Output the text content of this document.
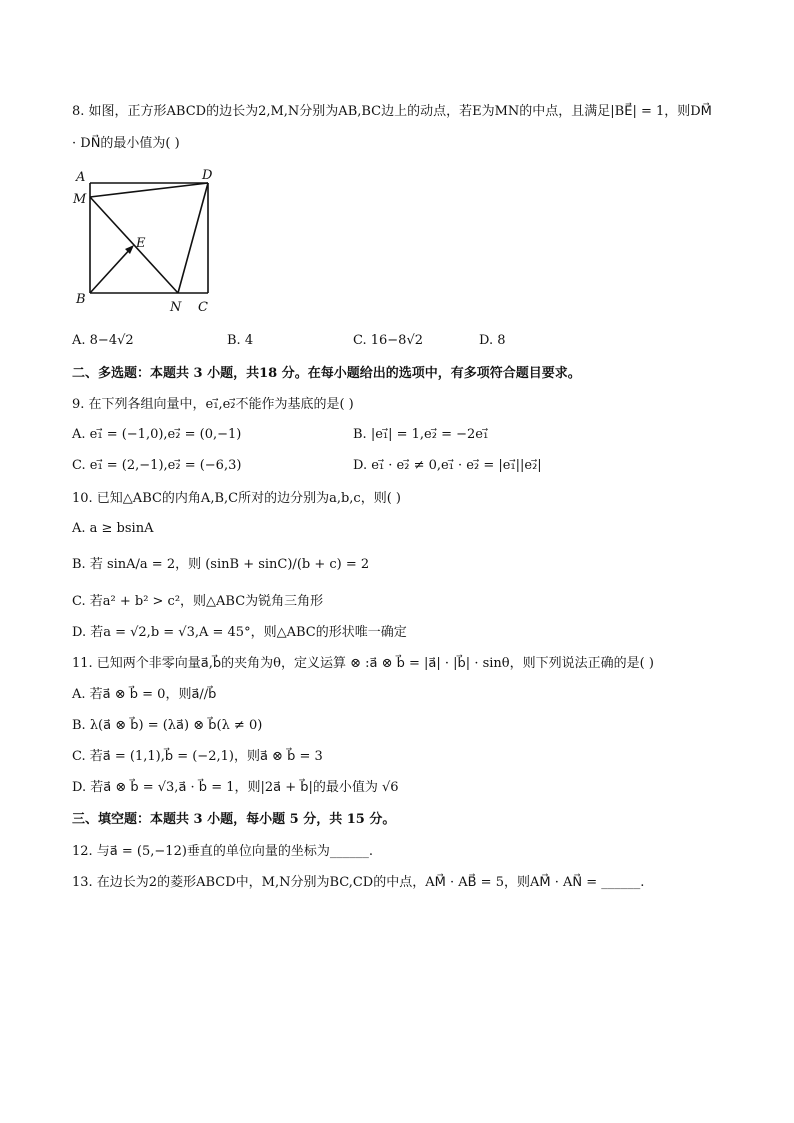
8. 如图，正方形ABCD的边长为2,M,N分别为AB,BC边上的动点，若E为MN的中点，且满足|BE⃗| = 1，则DM⃗
· DN⃗的最小值为( )
A
M
B
E
N C
D
A. 8−4√2	B. 4	C. 16−8√2	D. 8
二、多选题：本题共 3 小题，共18 分。在每小题给出的选项中，有多项符合题目要求。
9. 在下列各组向量中，e₁⃗,e₂⃗不能作为基底的是( )
A. e₁⃗ = (−1,0),e₂⃗ = (0,−1)	B. |e₁⃗| = 1,e₂⃗ = −2e₁⃗
C. e₁⃗ = (2,−1),e₂⃗ = (−6,3)	D. e₁⃗ · e₂⃗ ≠ 0,e₁⃗ · e₂⃗ = |e₁⃗||e₂⃗|
10. 已知△ABC的内角A,B,C所对的边分别为a,b,c，则( )
A. a ≥ bsinA
B. 若 sinA/a = 2，则 (sinB + sinC)/(b + c) = 2
C. 若a² + b² > c²，则△ABC为锐角三角形
D. 若a = √2,b = √3,A = 45°，则△ABC的形状唯一确定
11. 已知两个非零向量a⃗,b⃗的夹角为θ，定义运算 ⊗ :a⃗ ⊗ b⃗ = |a⃗| · |b⃗| · sinθ，则下列说法正确的是( )
A. 若a⃗ ⊗ b⃗ = 0，则a⃗//b⃗
B. λ(a⃗ ⊗ b⃗) = (λa⃗) ⊗ b⃗(λ ≠ 0)
C. 若a⃗ = (1,1),b⃗ = (−2,1)，则a⃗ ⊗ b⃗ = 3
D. 若a⃗ ⊗ b⃗ = √3,a⃗ · b⃗ = 1，则|2a⃗ + b⃗|的最小值为 √6
三、填空题：本题共 3 小题，每小题 5 分，共 15 分。
12. 与a⃗ = (5,−12)垂直的单位向量的坐标为______.
13. 在边长为2的菱形ABCD中，M,N分别为BC,CD的中点，AM⃗ · AB⃗ = 5，则AM⃗ · AN⃗ = ______.
